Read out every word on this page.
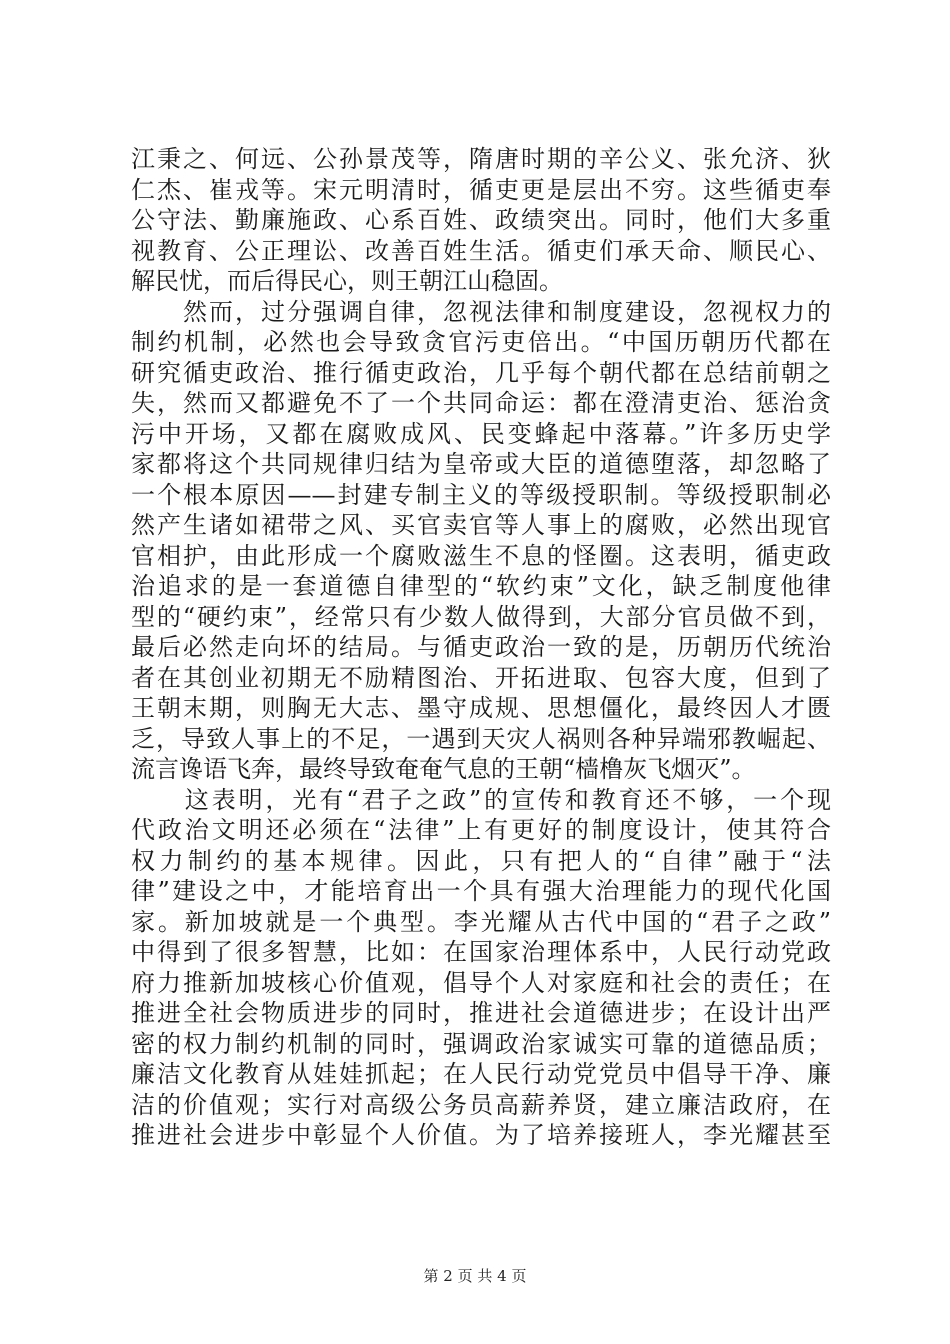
江秉之、何远、公孙景茂等，隋唐时期的辛公义、张允济、狄
仁杰、崔戎等。宋元明清时，循吏更是层出不穷。这些循吏奉
公守法、勤廉施政、心系百姓、政绩突出。同时，他们大多重
视教育、公正理讼、改善百姓生活。循吏们承天命、顺民心、
解民忧，而后得民心，则王朝江山稳固。
　　然而，过分强调自律，忽视法律和制度建设，忽视权力的
制约机制，必然也会导致贪官污吏倍出。“中国历朝历代都在
研究循吏政治、推行循吏政治，几乎每个朝代都在总结前朝之
失，然而又都避免不了一个共同命运：都在澄清吏治、惩治贪
污中开场，又都在腐败成风、民变蜂起中落幕。”许多历史学
家都将这个共同规律归结为皇帝或大臣的道德堕落，却忽略了
一个根本原因——封建专制主义的等级授职制。等级授职制必
然产生诸如裙带之风、买官卖官等人事上的腐败，必然出现官
官相护，由此形成一个腐败滋生不息的怪圈。这表明，循吏政
治追求的是一套道德自律型的“软约束”文化，缺乏制度他律
型的“硬约束”，经常只有少数人做得到，大部分官员做不到，
最后必然走向坏的结局。与循吏政治一致的是，历朝历代统治
者在其创业初期无不励精图治、开拓进取、包容大度，但到了
王朝末期，则胸无大志、墨守成规、思想僵化，最终因人才匮
乏，导致人事上的不足，一遇到天灾人祸则各种异端邪教崛起、
流言谗语飞奔，最终导致奄奄气息的王朝“樯橹灰飞烟灭”。
　　这表明，光有“君子之政”的宣传和教育还不够，一个现
代政治文明还必须在“法律”上有更好的制度设计，使其符合
权力制约的基本规律。因此，只有把人的“自律”融于“法
律”建设之中，才能培育出一个具有强大治理能力的现代化国
家。新加坡就是一个典型。李光耀从古代中国的“君子之政”
中得到了很多智慧，比如：在国家治理体系中，人民行动党政
府力推新加坡核心价值观，倡导个人对家庭和社会的责任；在
推进全社会物质进步的同时，推进社会道德进步；在设计出严
密的权力制约机制的同时，强调政治家诚实可靠的道德品质；
廉洁文化教育从娃娃抓起；在人民行动党党员中倡导干净、廉
洁的价值观；实行对高级公务员高薪养贤，建立廉洁政府，在
推进社会进步中彰显个人价值。为了培养接班人，李光耀甚至
第 2 页 共 4 页
